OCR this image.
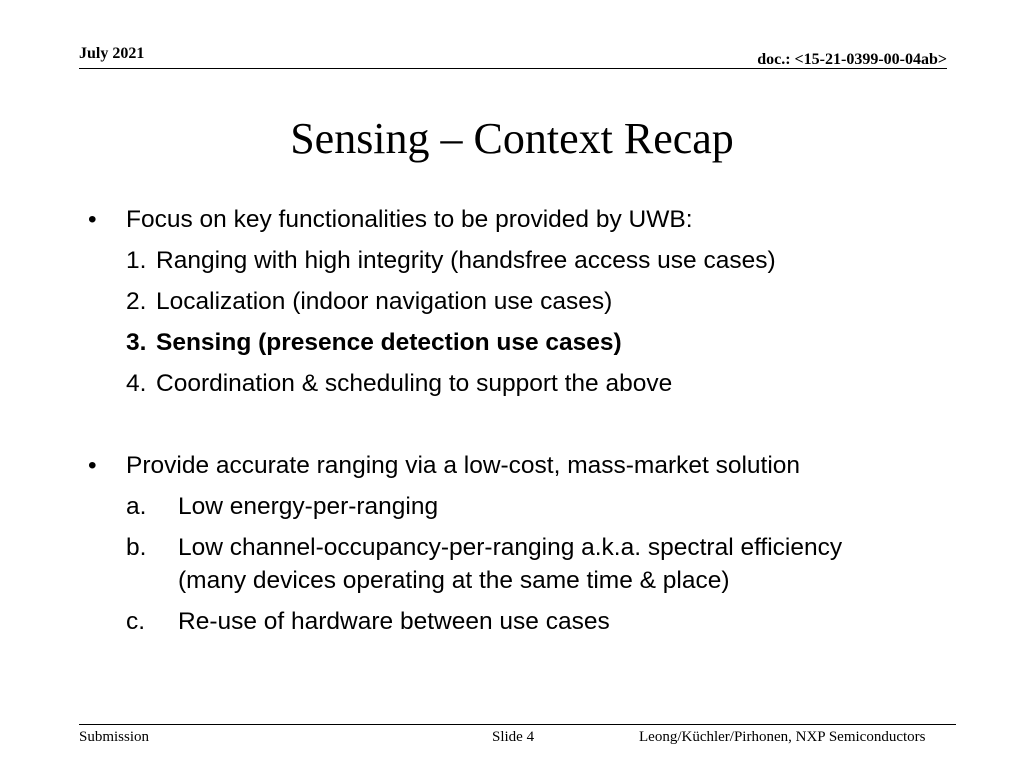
July 2021	doc.: <15-21-0399-00-04ab>
Sensing – Context Recap
•	Focus on key functionalities to be provided by UWB:
1. Ranging with high integrity (handsfree access use cases)
2. Localization (indoor navigation use cases)
3. Sensing (presence detection use cases)
4. Coordination & scheduling to support the above
•	Provide accurate ranging via a low-cost, mass-market solution
a.	Low energy-per-ranging
b.	Low channel-occupancy-per-ranging a.k.a. spectral efficiency
(many devices operating at the same time & place)
c.	Re-use of hardware between use cases
Submission	Slide 4	Leong/Küchler/Pirhonen, NXP Semiconductors
